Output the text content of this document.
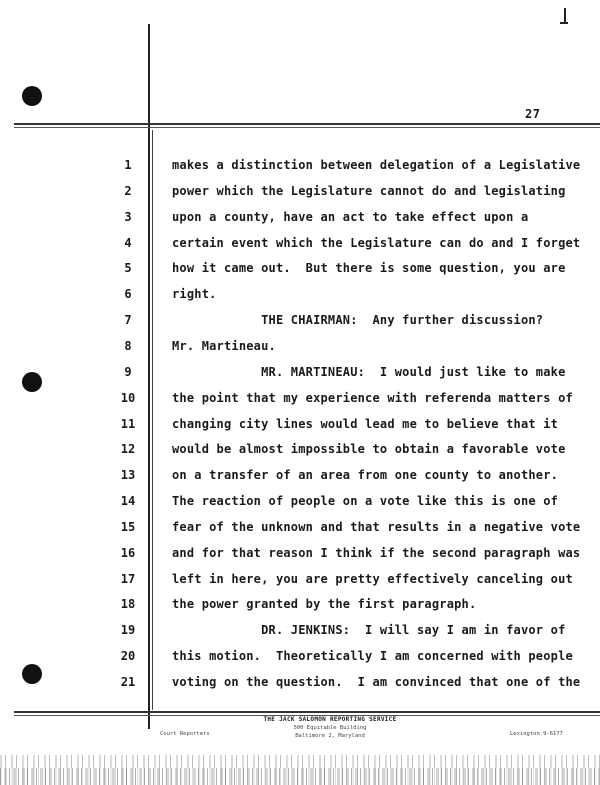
27
1	makes a distinction between delegation of a Legislative
2	power which the Legislature cannot do and legislating
3	upon a county, have an act to take effect upon a
4	certain event which the Legislature can do and I forget
5	how it came out.  But there is some question, you are
6	right.
7	THE CHAIRMAN:  Any further discussion?
8	Mr. Martineau.
9	MR. MARTINEAU:  I would just like to make
10	the point that my experience with referenda matters of
11	changing city lines would lead me to believe that it
12	would be almost impossible to obtain a favorable vote
13	on a transfer of an area from one county to another.
14	The reaction of people on a vote like this is one of
15	fear of the unknown and that results in a negative vote
16	and for that reason I think if the second paragraph was
17	left in here, you are pretty effectively canceling out
18	the power granted by the first paragraph.
19	DR. JENKINS:  I will say I am in favor of
20	this motion.  Theoretically I am concerned with people
21	voting on the question.  I am convinced that one of the
THE JACK SALOMON REPORTING SERVICE
500 Equitable Building
Baltimore 2, Maryland
Court Reporters	Lexington 9-6177
